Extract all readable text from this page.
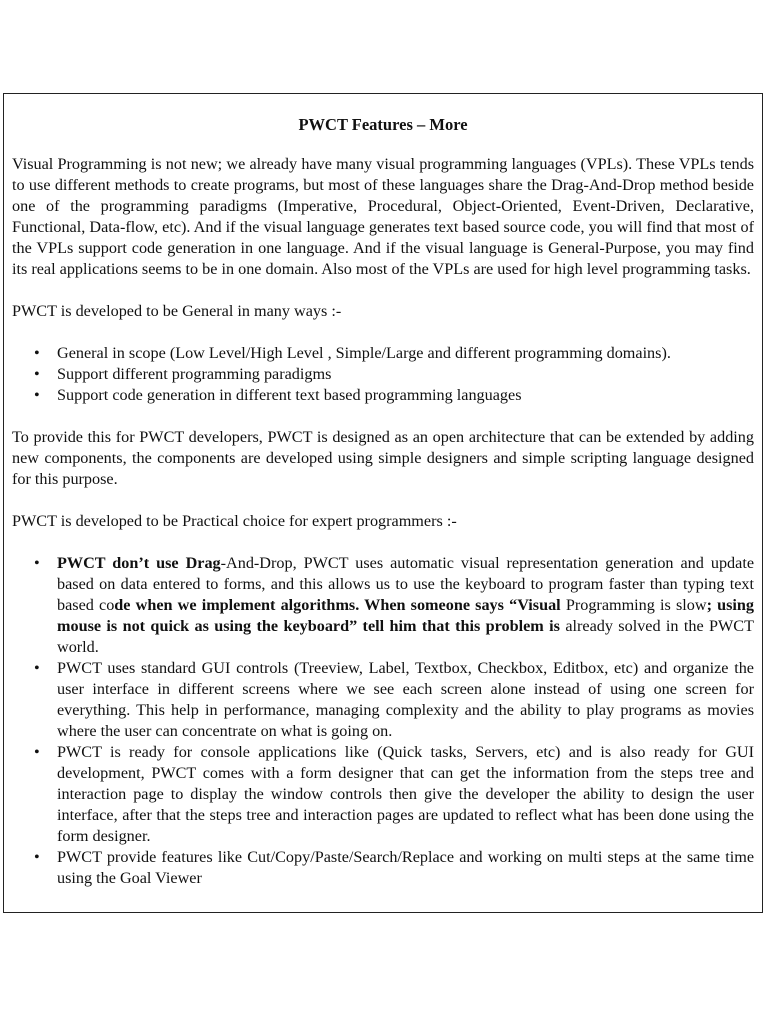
PWCT Features – More

Visual Programming is not new; we already have many visual programming languages (VPLs). These VPLs tends to use different methods to create programs, but most of these languages share the Drag-And-Drop method beside one of the programming paradigms (Imperative, Procedural, Object-Oriented, Event-Driven, Declarative, Functional, Data-flow, etc). And if the visual language generates text based source code, you will find that most of the VPLs support code generation in one language. And if the visual language is General-Purpose, you may find its real applications seems to be in one domain. Also most of the VPLs are used for high level programming tasks.

PWCT is developed to be General in many ways :-

• General in scope (Low Level/High Level , Simple/Large and different programming domains).
• Support different programming paradigms
• Support code generation in different text based programming languages

To provide this for PWCT developers, PWCT is designed as an open architecture that can be extended by adding new components, the components are developed using simple designers and simple scripting language designed for this purpose.

PWCT is developed to be Practical choice for expert programmers :-

• PWCT don’t use Drag-And-Drop, PWCT uses automatic visual representation generation and update based on data entered to forms, and this allows us to use the keyboard to program faster than typing text based code when we implement algorithms. When someone says “Visual Programming is slow; using mouse is not quick as using the keyboard” tell him that this problem is already solved in the PWCT world.
• PWCT uses standard GUI controls (Treeview, Label, Textbox, Checkbox, Editbox, etc) and organize the user interface in different screens where we see each screen alone instead of using one screen for everything. This help in performance, managing complexity and the ability to play programs as movies where the user can concentrate on what is going on.
• PWCT is ready for console applications like (Quick tasks, Servers, etc) and is also ready for GUI development, PWCT comes with a form designer that can get the information from the steps tree and interaction page to display the window controls then give the developer the ability to design the user interface, after that the steps tree and interaction pages are updated to reflect what has been done using the form designer.
• PWCT provide features like Cut/Copy/Paste/Search/Replace and working on multi steps at the same time using the Goal Viewer
